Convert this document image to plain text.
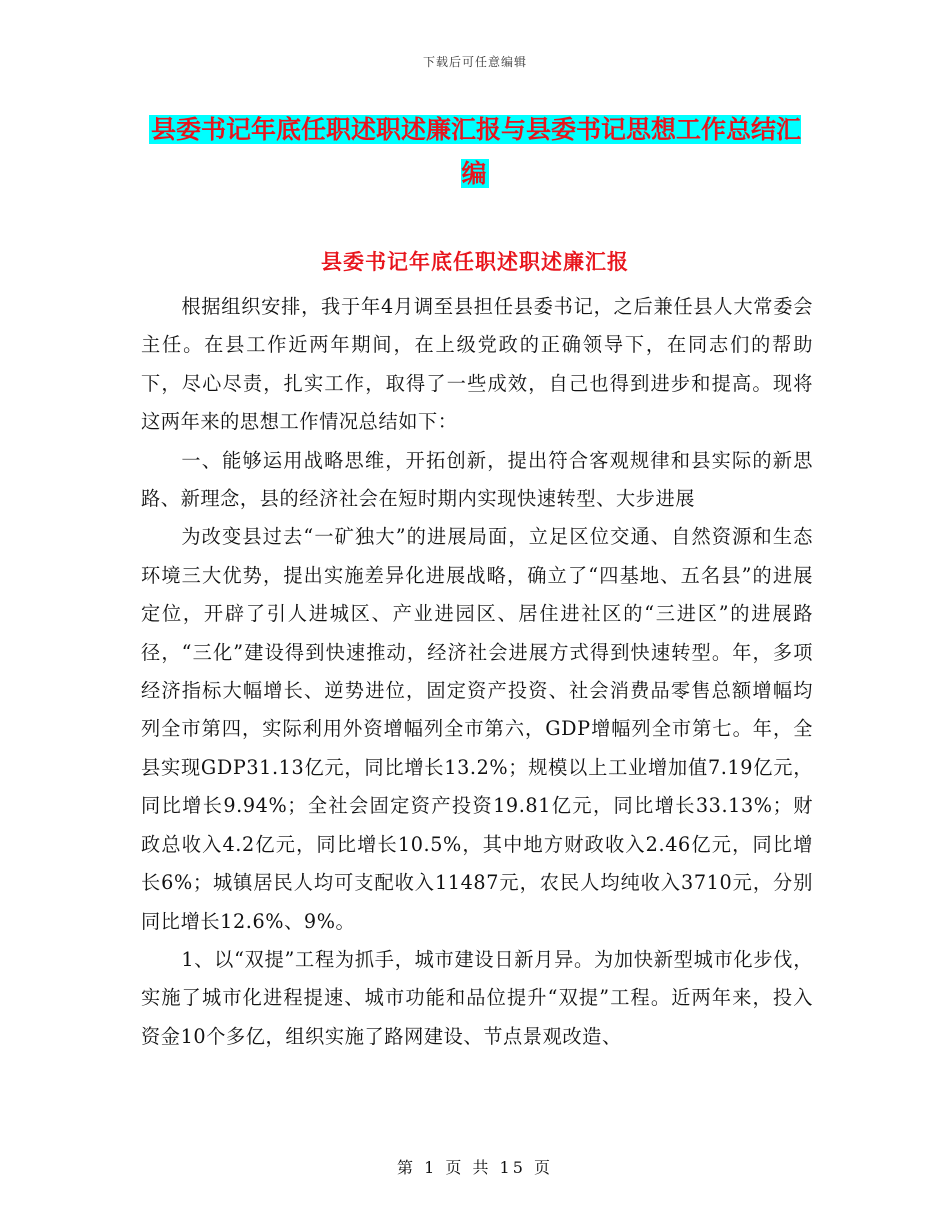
下载后可任意编辑
县委书记年底任职述职述廉汇报与县委书记思想工作总结汇编
县委书记年底任职述职述廉汇报

根据组织安排，我于年4月调至县担任县委书记，之后兼任县人大常委会主任。在县工作近两年期间，在上级党政的正确领导下，在同志们的帮助下，尽心尽责，扎实工作，取得了一些成效，自己也得到进步和提高。现将这两年来的思想工作情况总结如下：

一、能够运用战略思维，开拓创新，提出符合客观规律和县实际的新思路、新理念，县的经济社会在短时期内实现快速转型、大步进展

为改变县过去“一矿独大”的进展局面，立足区位交通、自然资源和生态环境三大优势，提出实施差异化进展战略，确立了“四基地、五名县”的进展定位，开辟了引人进城区、产业进园区、居住进社区的“三进区”的进展路径，“三化”建设得到快速推动，经济社会进展方式得到快速转型。年，多项经济指标大幅增长、逆势进位，固定资产投资、社会消费品零售总额增幅均列全市第四，实际利用外资增幅列全市第六，GDP增幅列全市第七。年，全县实现GDP31.13亿元，同比增长13.2%；规模以上工业增加值7.19亿元，同比增长9.94%；全社会固定资产投资19.81亿元，同比增长33.13%；财政总收入4.2亿元，同比增长10.5%，其中地方财政收入2.46亿元，同比增长6%；城镇居民人均可支配收入11487元，农民人均纯收入3710元，分别同比增长12.6%、9%。

1、以“双提”工程为抓手，城市建设日新月异。为加快新型城市化步伐，实施了城市化进程提速、城市功能和品位提升“双提”工程。近两年来，投入资金10个多亿，组织实施了路网建设、节点景观改造、

第 1 页 共 15 页
